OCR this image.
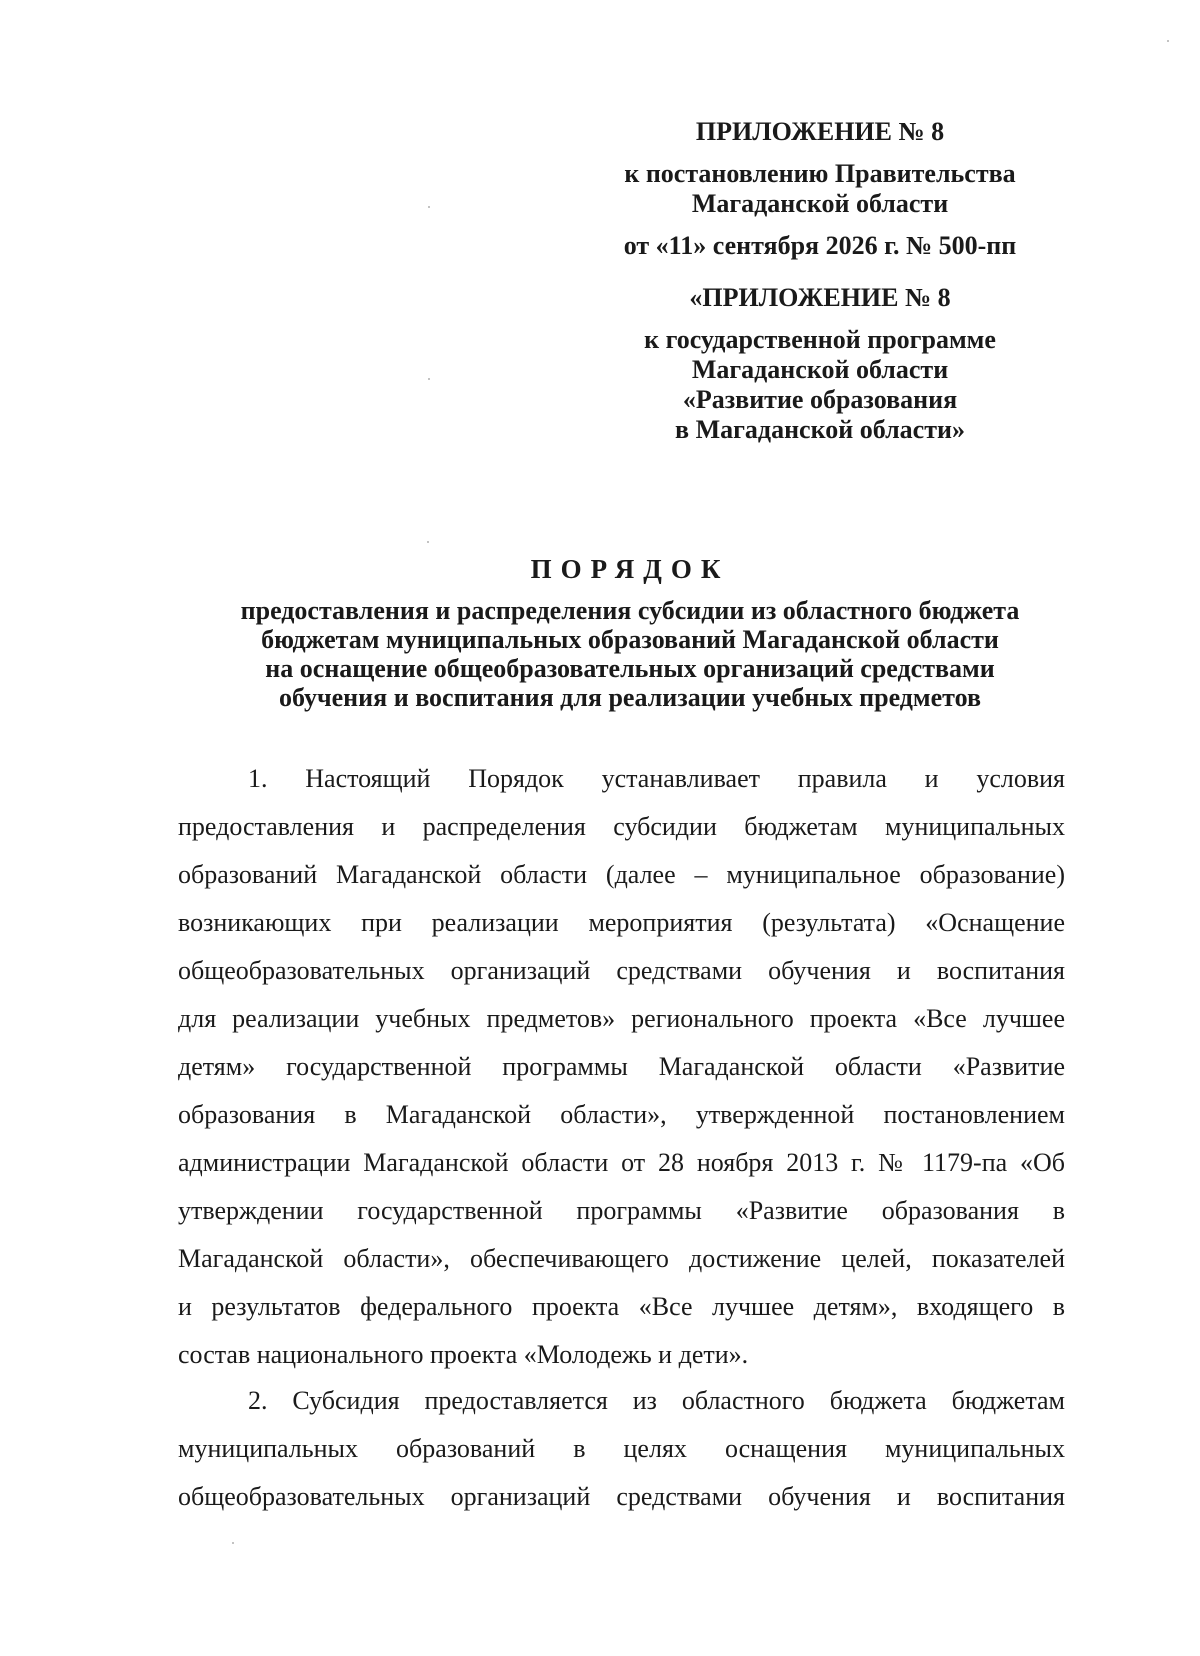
ПРИЛОЖЕНИЕ № 8
к постановлению Правительства
Магаданской области
от «11» сентября 2026 г. № 500-пп
«ПРИЛОЖЕНИЕ № 8
к государственной программе
Магаданской области
«Развитие образования
в Магаданской области»
ПОРЯДОК
предоставления и распределения субсидии из областного бюджета
бюджетам муниципальных образований Магаданской области
на оснащение общеобразовательных организаций средствами
обучения и воспитания для реализации учебных предметов
1. Настоящий Порядок устанавливает правила и условия
предоставления и распределения субсидии бюджетам муниципальных
образований Магаданской области (далее – муниципальное образование)
возникающих при реализации мероприятия (результата) «Оснащение
общеобразовательных организаций средствами обучения и воспитания
для реализации учебных предметов» регионального проекта «Все лучшее
детям» государственной программы Магаданской области «Развитие
образования в Магаданской области», утвержденной постановлением
администрации Магаданской области от 28 ноября 2013 г. № 1179-па «Об
утверждении государственной программы «Развитие образования в
Магаданской области», обеспечивающего достижение целей, показателей
и результатов федерального проекта «Все лучшее детям», входящего в
состав национального проекта «Молодежь и дети».
2. Субсидия предоставляется из областного бюджета бюджетам
муниципальных образований в целях оснащения муниципальных
общеобразовательных организаций средствами обучения и воспитания
